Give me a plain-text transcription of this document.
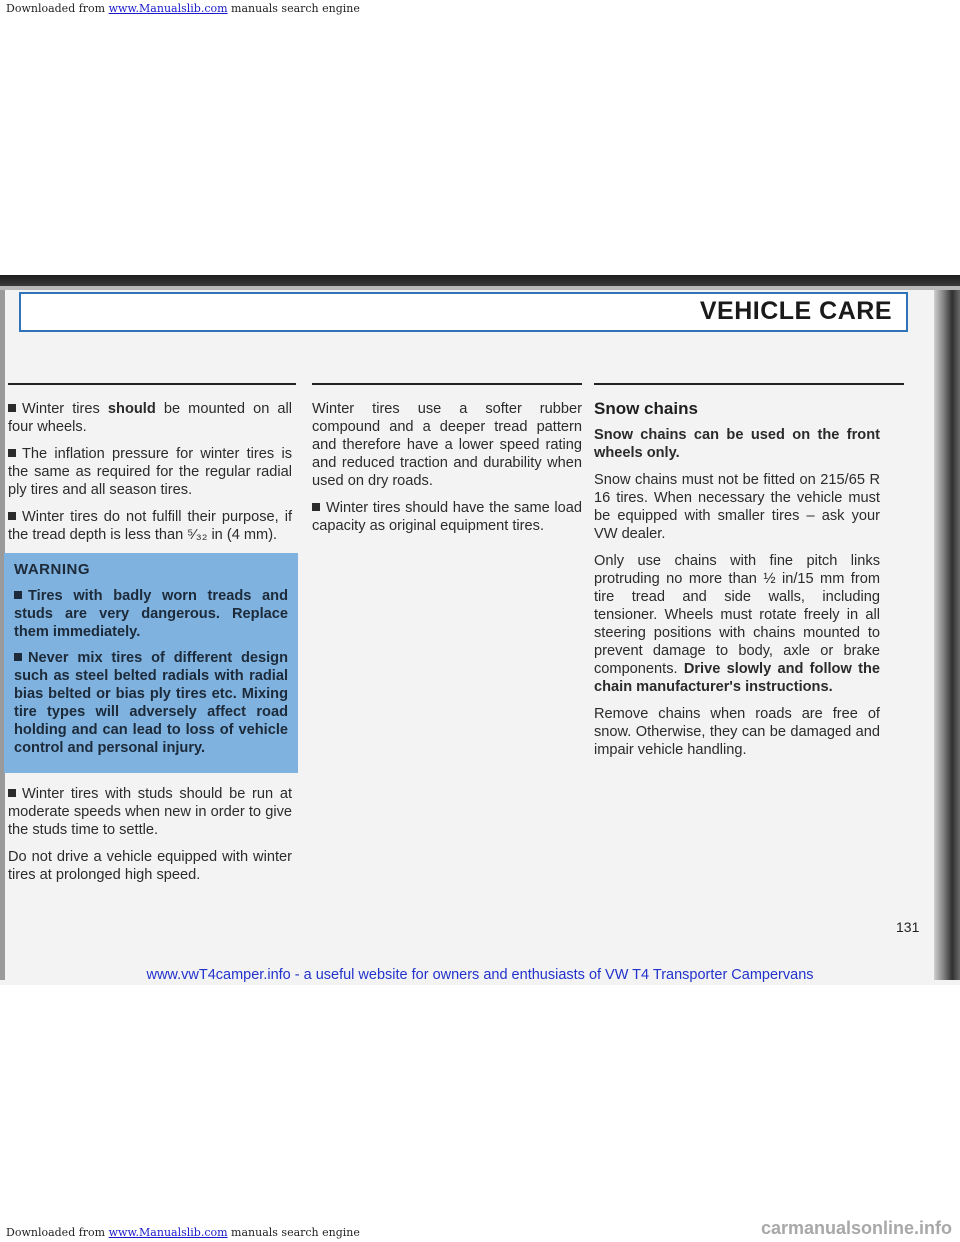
Downloaded from www.Manualslib.com manuals search engine
VEHICLE CARE

Winter tires should be mounted on all four wheels.

The inflation pressure for winter tires is the same as required for the regular radial ply tires and all season tires.

Winter tires do not fulfill their purpose, if the tread depth is less than ⁵⁄₃₂ in (4 mm).

WARNING

Tires with badly worn treads and studs are very dangerous. Replace them immediately.

Never mix tires of different design such as steel belted radials with radial bias belted or bias ply tires etc. Mixing tire types will adversely affect road holding and can lead to loss of vehicle control and personal injury.

Winter tires with studs should be run at moderate speeds when new in order to give the studs time to settle.

Do not drive a vehicle equipped with winter tires at prolonged high speed.

Winter tires use a softer rubber compound and a deeper tread pattern and therefore have a lower speed rating and reduced traction and durability when used on dry roads.

Winter tires should have the same load capacity as original equipment tires.

Snow chains

Snow chains can be used on the front wheels only.

Snow chains must not be fitted on 215/65 R 16 tires. When necessary the vehicle must be equipped with smaller tires – ask your VW dealer.

Only use chains with fine pitch links protruding no more than ½ in/15 mm from tire tread and side walls, including tensioner. Wheels must rotate freely in all steering positions with chains mounted to prevent damage to body, axle or brake components. Drive slowly and follow the chain manufacturer's instructions.

Remove chains when roads are free of snow. Otherwise, they can be damaged and impair vehicle handling.

131
www.vwT4camper.info - a useful website for owners and enthusiasts of VW T4 Transporter Campervans
Downloaded from www.Manualslib.com manuals search engine	carmanualsonline.info
